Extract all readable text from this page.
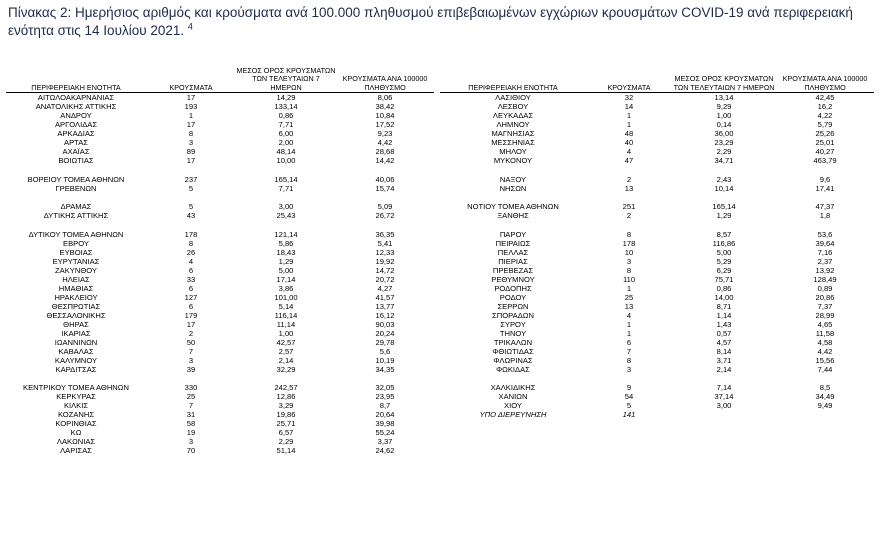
Πίνακας 2: Ημερήσιος αριθμός και κρούσματα ανά 100.000 πληθυσμού επιβεβαιωμένων εγχώριων κρουσμάτων COVID-19 ανά περιφερειακή ενότητα στις 14 Ιουλίου 2021. $^4$
ΠΕΡΙΦΕΡΕΙΑΚΗ ΕΝΟΤΗΤΑ	ΚΡΟΥΣΜΑΤΑ	ΜΕΣΟΣ ΟΡΟΣ ΚΡΟΥΣΜΑΤΩΝ ΤΩΝ ΤΕΛΕΥΤΑΙΩΝ 7 ΗΜΕΡΩΝ	ΚΡΟΥΣΜΑΤΑ ΑΝΑ 100000 ΠΛΗΘΥΣΜΟ
ΑΙΤΩΛΟΑΚΑΡΝΑΝΙΑΣ	17	14,29	8,06
ΑΝΑΤΟΛΙΚΗΣ ΑΤΤΙΚΗΣ	193	133,14	38,42
ΑΝΔΡΟΥ	1	0,86	10,84
ΑΡΓΟΛΙΔΑΣ	17	7,71	17,52
ΑΡΚΑΔΙΑΣ	8	6,00	9,23
ΑΡΤΑΣ	3	2,00	4,42
ΑΧΑΪΑΣ	89	48,14	28,68
ΒΟΙΩΤΙΑΣ	17	10,00	14,42

ΒΟΡΕΙΟΥ ΤΟΜΕΑ ΑΘΗΝΩΝ	237	165,14	40,06
ΓΡΕΒΕΝΩΝ	5	7,71	15,74

ΔΡΑΜΑΣ	5	3,00	5,09
ΔΥΤΙΚΗΣ ΑΤΤΙΚΗΣ	43	25,43	26,72

ΔΥΤΙΚΟΥ ΤΟΜΕΑ ΑΘΗΝΩΝ	178	121,14	36,35
ΕΒΡΟΥ	8	5,86	5,41
ΕΥΒΟΙΑΣ	26	18,43	12,33
ΕΥΡΥΤΑΝΙΑΣ	4	1,29	19,92
ΖΑΚΥΝΘΟΥ	6	5,00	14,72
ΗΛΕΙΑΣ	33	17,14	20,72
ΗΜΑΘΙΑΣ	6	3,86	4,27
ΗΡΑΚΛΕΙΟΥ	127	101,00	41,57
ΘΕΣΠΡΩΤΙΑΣ	6	5,14	13,77
ΘΕΣΣΑΛΟΝΙΚΗΣ	179	116,14	16,12
ΘΗΡΑΣ	17	11,14	90,03
ΙΚΑΡΙΑΣ	2	1,00	20,24
ΙΩΑΝΝΙΝΩΝ	50	42,57	29,78
ΚΑΒΑΛΑΣ	7	2,57	5,6
ΚΑΛΥΜΝΟΥ	3	2,14	10,19
ΚΑΡΔΙΤΣΑΣ	39	32,29	34,35

ΚΕΝΤΡΙΚΟΥ ΤΟΜΕΑ ΑΘΗΝΩΝ	330	242,57	32,05
ΚΕΡΚΥΡΑΣ	25	12,86	23,95
ΚΙΛΚΙΣ	7	3,29	8,7
ΚΟΖΑΝΗΣ	31	19,86	20,64
ΚΟΡΙΝΘΙΑΣ	58	25,71	39,98
ΚΩ	19	6,57	55,24
ΛΑΚΩΝΙΑΣ	3	2,29	3,37
ΛΑΡΙΣΑΣ	70	51,14	24,62
ΠΕΡΙΦΕΡΕΙΑΚΗ ΕΝΟΤΗΤΑ	ΚΡΟΥΣΜΑΤΑ	ΜΕΣΟΣ ΟΡΟΣ ΚΡΟΥΣΜΑΤΩΝ ΤΩΝ ΤΕΛΕΥΤΑΙΩΝ 7 ΗΜΕΡΩΝ	ΚΡΟΥΣΜΑΤΑ ΑΝΑ 100000 ΠΛΗΘΥΣΜΟ
ΛΑΣΙΘΙΟΥ	32	13,14	42,45
ΛΕΣΒΟΥ	14	9,29	16,2
ΛΕΥΚΑΔΑΣ	1	1,00	4,22
ΛΗΜΝΟΥ	1	0,14	5,79
ΜΑΓΝΗΣΙΑΣ	48	36,00	25,26
ΜΕΣΣΗΝΙΑΣ	40	23,29	25,01
ΜΗΛΟΥ	4	2,29	40,27
ΜΥΚΟΝΟΥ	47	34,71	463,79

ΝΑΞΟΥ	2	2,43	9,6
ΝΗΣΩΝ	13	10,14	17,41

ΝΟΤΙΟΥ ΤΟΜΕΑ ΑΘΗΝΩΝ	251	165,14	47,37
ΞΑΝΘΗΣ	2	1,29	1,8

ΠΑΡΟΥ	8	8,57	53,6
ΠΕΙΡΑΙΩΣ	178	116,86	39,64
ΠΕΛΛΑΣ	10	5,00	7,16
ΠΙΕΡΙΑΣ	3	5,29	2,37
ΠΡΕΒΕΖΑΣ	8	6,29	13,92
ΡΕΘΥΜΝΟΥ	110	75,71	128,49
ΡΟΔΟΠΗΣ	1	0,86	0,89
ΡΟΔΟΥ	25	14,00	20,86
ΣΕΡΡΩΝ	13	8,71	7,37
ΣΠΟΡΑΔΩΝ	4	1,14	28,99
ΣΥΡΟΥ	1	1,43	4,65
ΤΗΝΟΥ	1	0,57	11,58
ΤΡΙΚΑΛΩΝ	6	4,57	4,58
ΦΘΙΩΤΙΔΑΣ	7	8,14	4,42
ΦΛΩΡΙΝΑΣ	8	3,71	15,56
ΦΩΚΙΔΑΣ	3	2,14	7,44

ΧΑΛΚΙΔΙΚΗΣ	9	7,14	8,5
ΧΑΝΙΩΝ	54	37,14	34,49
ΧΙΟΥ	5	3,00	9,49
ΥΠΟ ΔΙΕΡΕΥΝΗΣΗ	141		
